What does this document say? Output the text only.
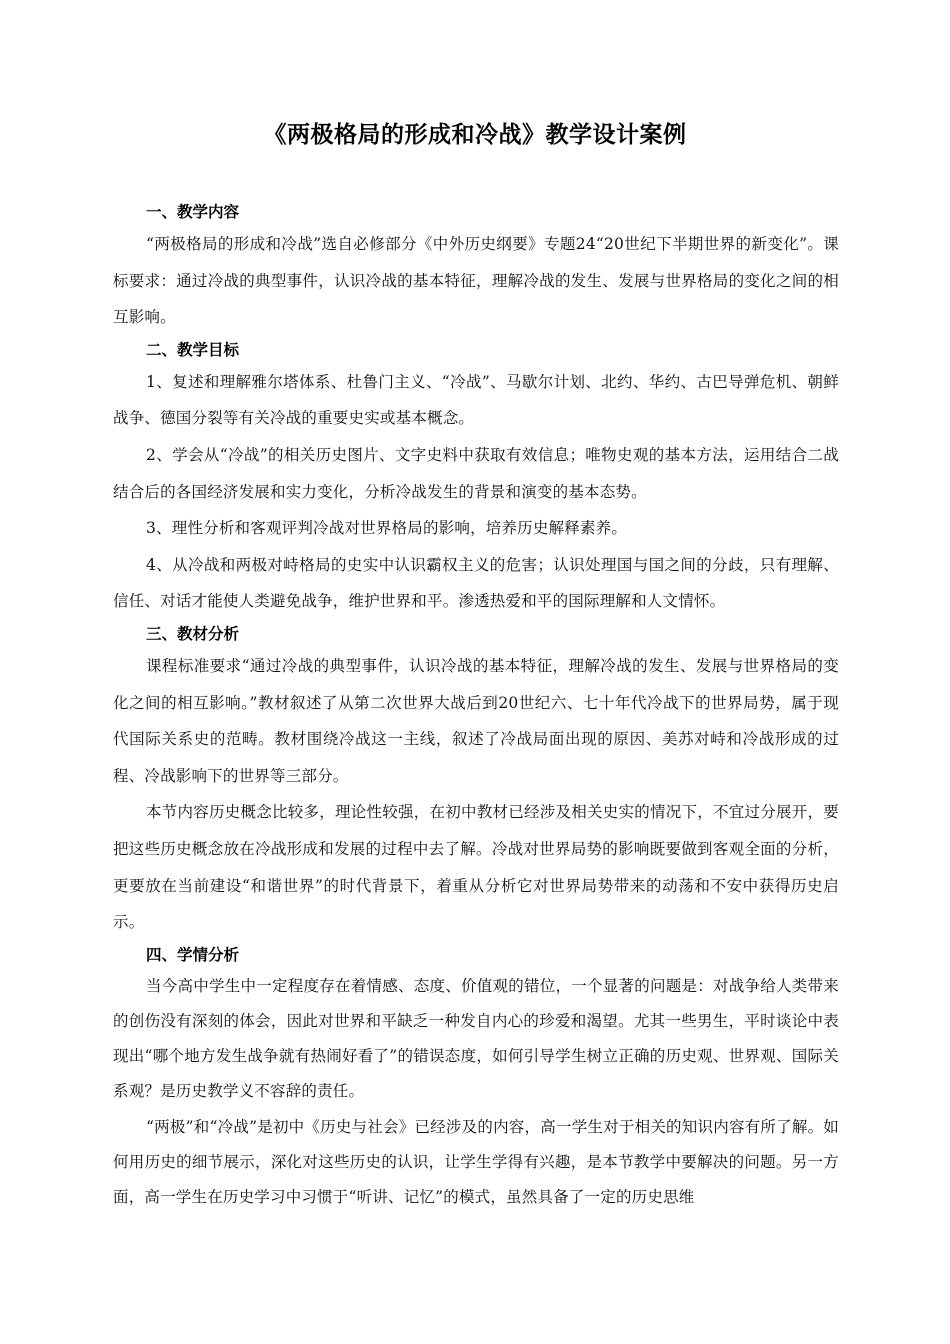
《两极格局的形成和冷战》教学设计案例

一、教学内容

“两极格局的形成和冷战”选自必修部分《中外历史纲要》专题24“20世纪下半期世界的新变化”。课标要求：通过冷战的典型事件，认识冷战的基本特征，理解冷战的发生、发展与世界格局的变化之间的相互影响。

二、教学目标

1、复述和理解雅尔塔体系、杜鲁门主义、“冷战”、马歇尔计划、北约、华约、古巴导弹危机、朝鲜战争、德国分裂等有关冷战的重要史实或基本概念。

2、学会从“冷战”的相关历史图片、文字史料中获取有效信息；唯物史观的基本方法，运用结合二战结合后的各国经济发展和实力变化，分析冷战发生的背景和演变的基本态势。

3、理性分析和客观评判冷战对世界格局的影响，培养历史解释素养。

4、从冷战和两极对峙格局的史实中认识霸权主义的危害；认识处理国与国之间的分歧，只有理解、信任、对话才能使人类避免战争，维护世界和平。渗透热爱和平的国际理解和人文情怀。

三、教材分析

课程标准要求“通过冷战的典型事件，认识冷战的基本特征，理解冷战的发生、发展与世界格局的变化之间的相互影响。”教材叙述了从第二次世界大战后到20世纪六、七十年代冷战下的世界局势，属于现代国际关系史的范畴。教材围绕冷战这一主线，叙述了冷战局面出现的原因、美苏对峙和冷战形成的过程、冷战影响下的世界等三部分。

本节内容历史概念比较多，理论性较强，在初中教材已经涉及相关史实的情况下，不宜过分展开，要把这些历史概念放在冷战形成和发展的过程中去了解。冷战对世界局势的影响既要做到客观全面的分析，更要放在当前建设“和谐世界”的时代背景下，着重从分析它对世界局势带来的动荡和不安中获得历史启示。

四、学情分析

当今高中学生中一定程度存在着情感、态度、价值观的错位，一个显著的问题是：对战争给人类带来的创伤没有深刻的体会，因此对世界和平缺乏一种发自内心的珍爱和渴望。尤其一些男生，平时谈论中表现出“哪个地方发生战争就有热闹好看了”的错误态度，如何引导学生树立正确的历史观、世界观、国际关系观？是历史教学义不容辞的责任。

“两极”和“冷战”是初中《历史与社会》已经涉及的内容，高一学生对于相关的知识内容有所了解。如何用历史的细节展示，深化对这些历史的认识，让学生学得有兴趣，是本节教学中要解决的问题。另一方面，高一学生在历史学习中习惯于“听讲、记忆”的模式，虽然具备了一定的历史思维
